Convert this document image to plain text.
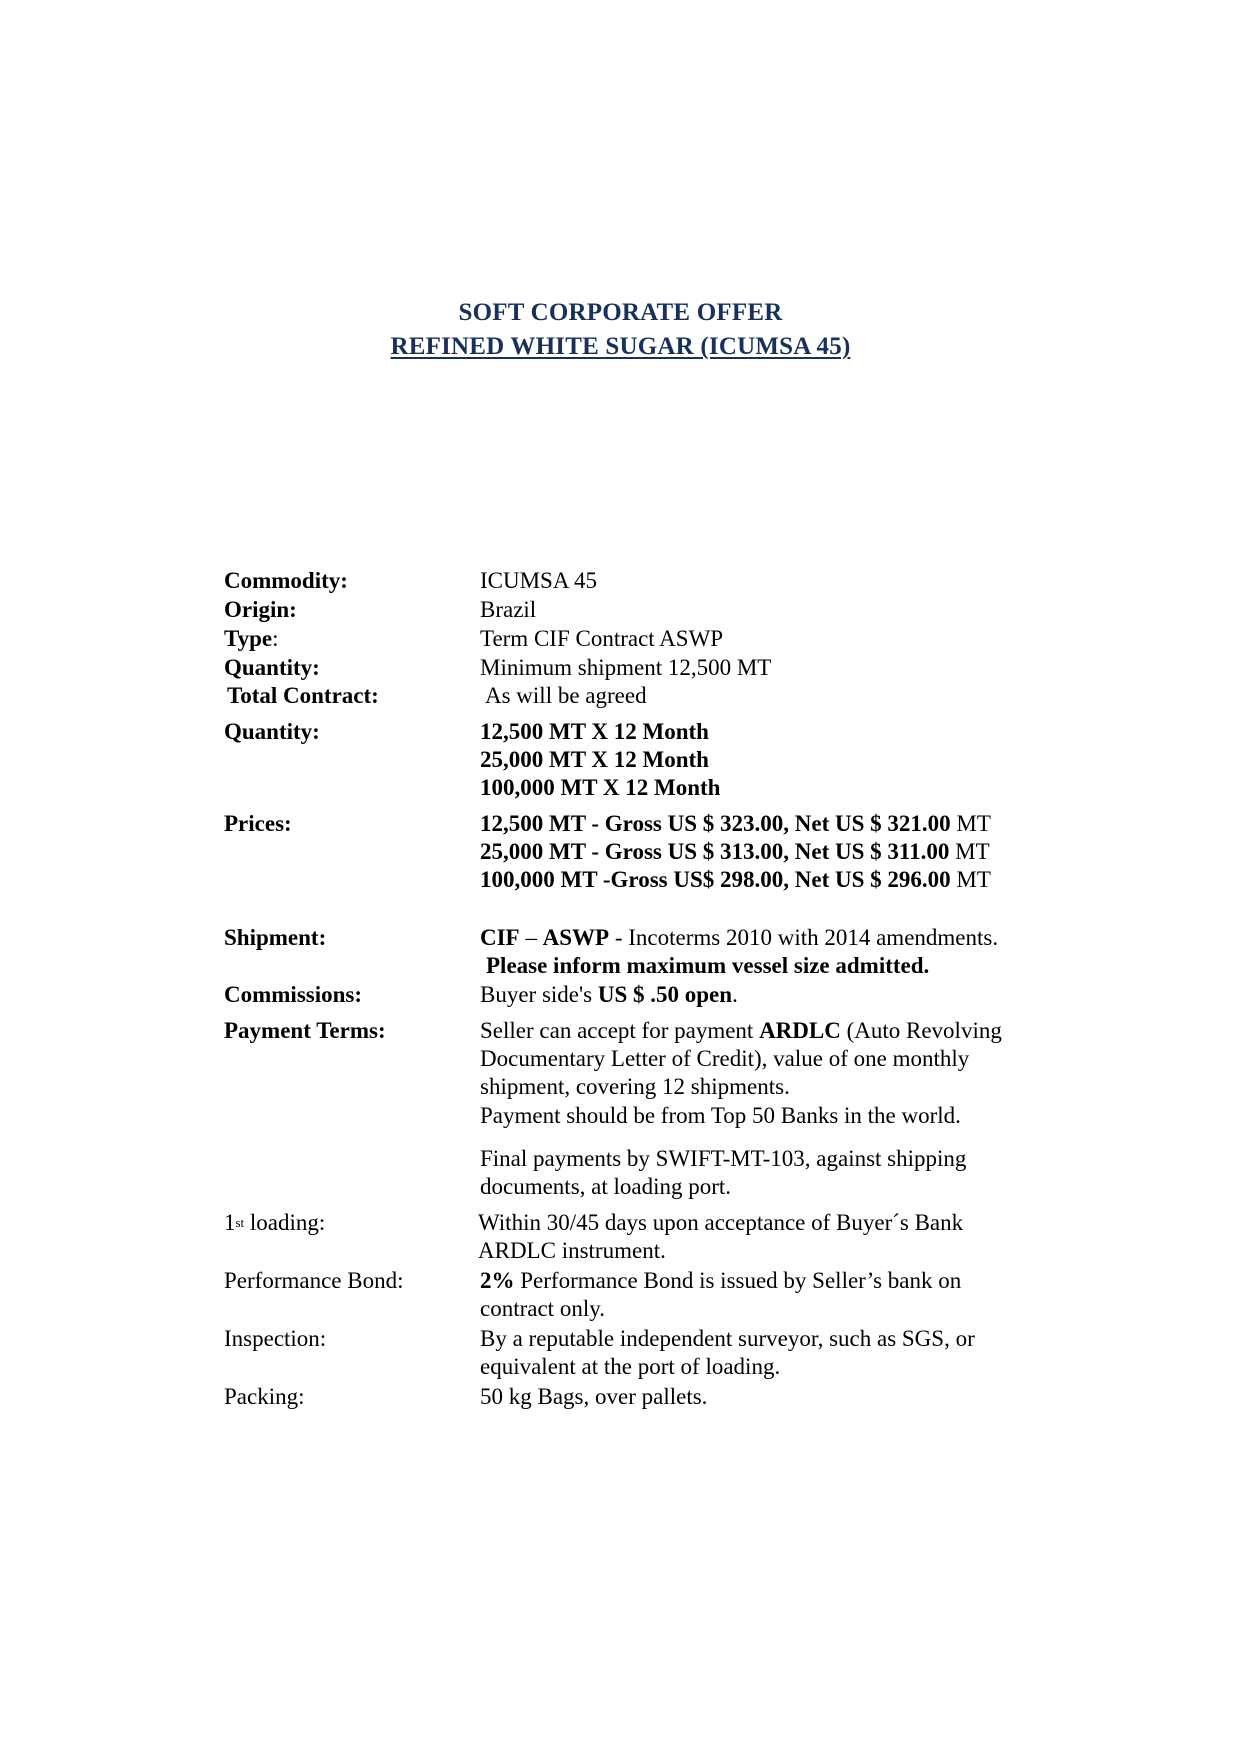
SOFT CORPORATE OFFER
REFINED WHITE SUGAR (ICUMSA 45)
Commodity:	ICUMSA 45
Origin:	Brazil
Type:	Term CIF Contract ASWP
Quantity:	Minimum shipment 12,500 MT
Total Contract:	As will be agreed
Quantity:	12,500 MT X 12 Month
25,000 MT X 12 Month
100,000 MT X 12 Month
Prices:	12,500 MT - Gross US $ 323.00, Net US $ 321.00 MT
25,000 MT - Gross US $ 313.00, Net US $ 311.00 MT
100,000 MT -Gross US$ 298.00, Net US $ 296.00 MT
Shipment:	CIF – ASWP - Incoterms 2010 with 2014 amendments.
Please inform maximum vessel size admitted.
Commissions:	Buyer side's US $ .50 open.
Payment Terms:	Seller can accept for payment ARDLC (Auto Revolving
Documentary Letter of Credit), value of one monthly
shipment, covering 12 shipments.
Payment should be from Top 50 Banks in the world.
Final payments by SWIFT-MT-103, against shipping
documents, at loading port.
1st loading:	Within 30/45 days upon acceptance of Buyer´s Bank
ARDLC instrument.
Performance Bond:	2% Performance Bond is issued by Seller’s bank on
contract only.
Inspection:	By a reputable independent surveyor, such as SGS, or
equivalent at the port of loading.
Packing:	50 kg Bags, over pallets.
